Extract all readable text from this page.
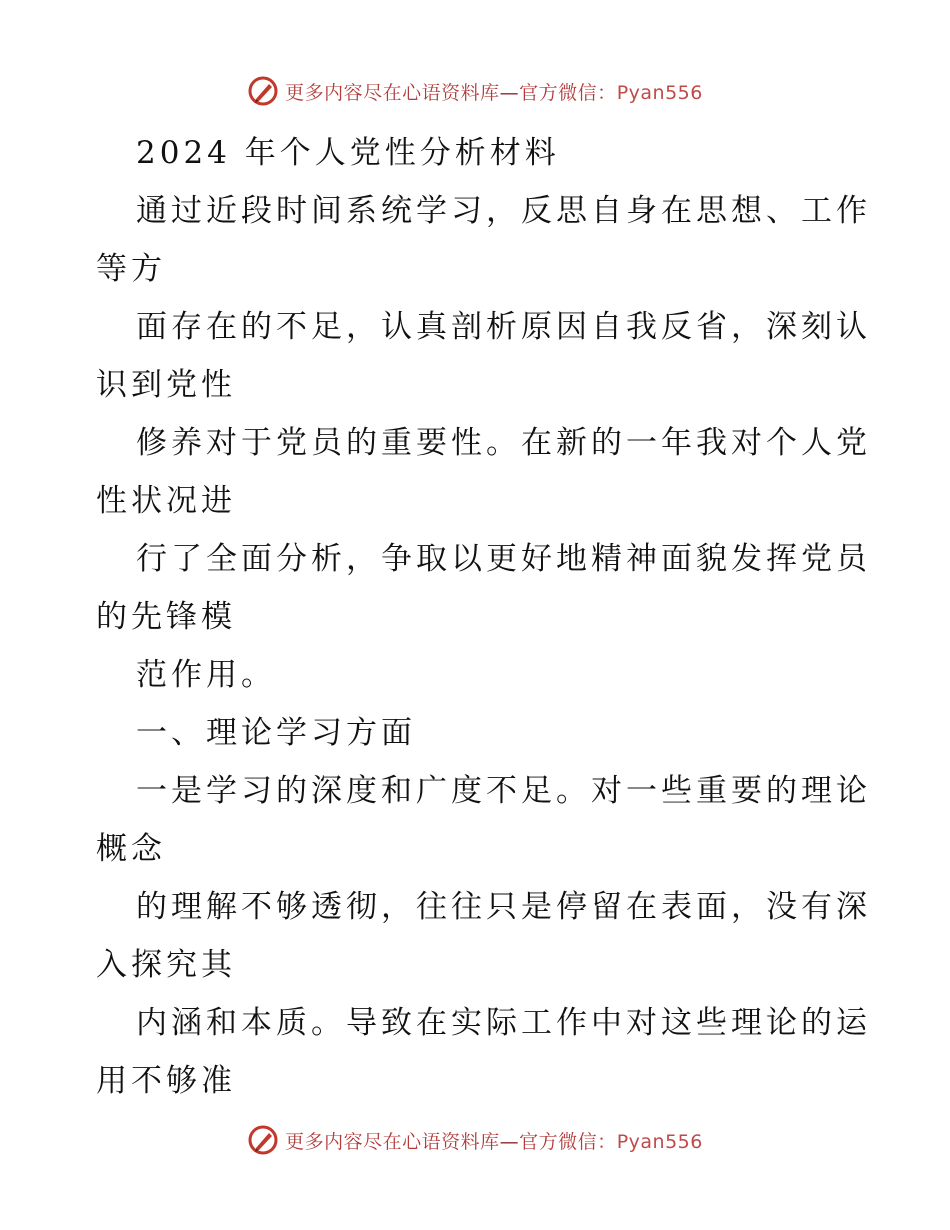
更多内容尽在心语资料库—官方微信：Pyan556
2024 年个人党性分析材料
通过近段时间系统学习，反思自身在思想、工作
等方
面存在的不足，认真剖析原因自我反省，深刻认
识到党性
修养对于党员的重要性。在新的一年我对个人党
性状况进
行了全面分析，争取以更好地精神面貌发挥党员
的先锋模
范作用。
一、理论学习方面
一是学习的深度和广度不足。对一些重要的理论
概念
的理解不够透彻，往往只是停留在表面，没有深
入探究其
内涵和本质。导致在实际工作中对这些理论的运
用不够准
更多内容尽在心语资料库—官方微信：Pyan556
